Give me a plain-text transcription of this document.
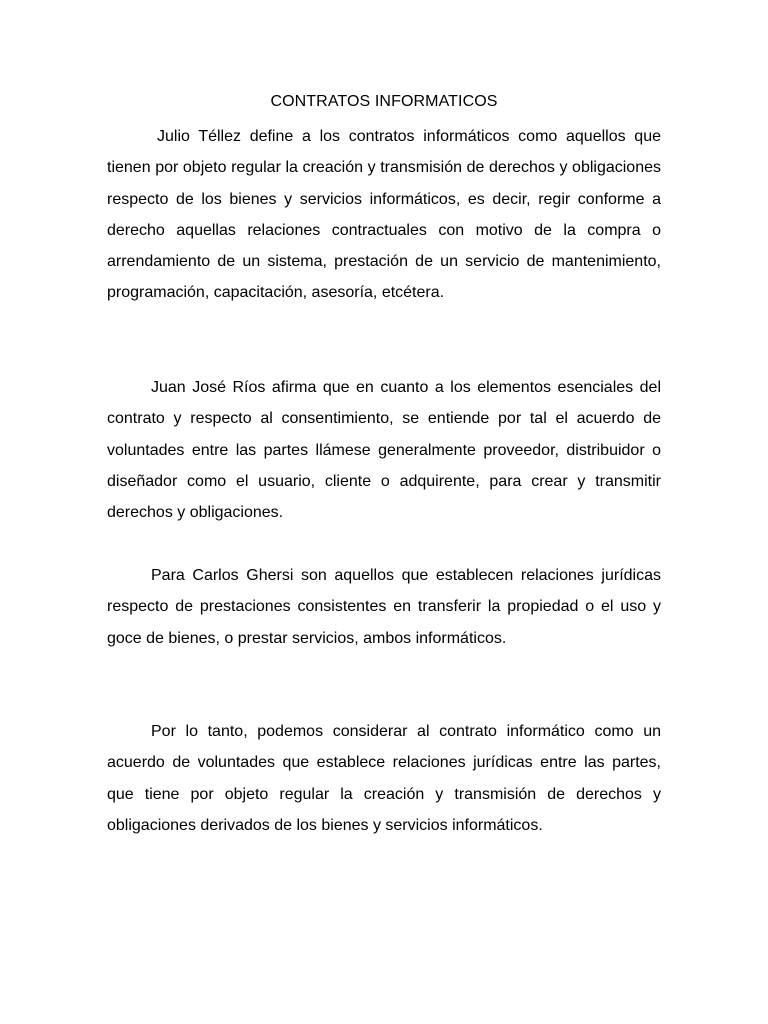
CONTRATOS INFORMATICOS

Julio Téllez define a los contratos informáticos como aquellos que tienen por objeto regular la creación y transmisión de derechos y obligaciones respecto de los bienes y servicios informáticos, es decir, regir conforme a derecho aquellas relaciones contractuales con motivo de la compra o arrendamiento de un sistema, prestación de un servicio de mantenimiento, programación, capacitación, asesoría, etcétera.

Juan José Ríos afirma que en cuanto a los elementos esenciales del contrato y respecto al consentimiento, se entiende por tal el acuerdo de voluntades entre las partes llámese generalmente proveedor, distribuidor o diseñador como el usuario, cliente o adquirente, para crear y transmitir derechos y obligaciones.

Para Carlos Ghersi son aquellos que establecen relaciones jurídicas respecto de prestaciones consistentes en transferir la propiedad o el uso y goce de bienes, o prestar servicios, ambos informáticos.

Por lo tanto, podemos considerar al contrato informático como un acuerdo de voluntades que establece relaciones jurídicas entre las partes, que tiene por objeto regular la creación y transmisión de derechos y obligaciones derivados de los bienes y servicios informáticos.
